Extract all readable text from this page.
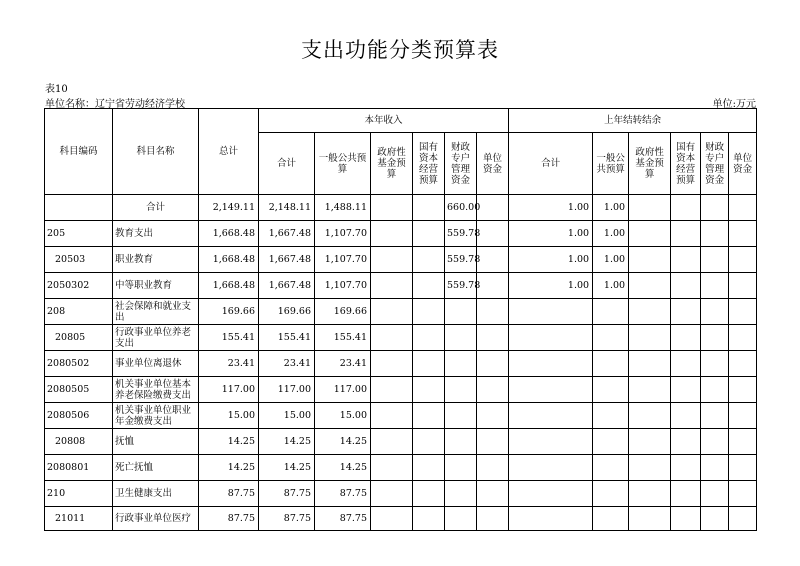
支出功能分类预算表
表10
单位名称：辽宁省劳动经济学校	单位:万元
科目编码	科目名称	总计	本年收入						上年结转结余					
			合计	一般公共预算	政府性基金预算	国有资本经营预算	财政专户管理资金	单位资金	合计	一般公共预算	政府性基金预算	国有资本经营预算	财政专户管理资金	单位资金
	合计	2,149.11	2,148.11	1,488.11			660.00		1.00	1.00				
205	教育支出	1,668.48	1,667.48	1,107.70			559.78		1.00	1.00				
20503	职业教育	1,668.48	1,667.48	1,107.70			559.78		1.00	1.00				
2050302	中等职业教育	1,668.48	1,667.48	1,107.70			559.78		1.00	1.00				
208	社会保障和就业支出	169.66	169.66	169.66										
20805	行政事业单位养老支出	155.41	155.41	155.41										
2080502	事业单位离退休	23.41	23.41	23.41										
2080505	机关事业单位基本养老保险缴费支出	117.00	117.00	117.00										
2080506	机关事业单位职业年金缴费支出	15.00	15.00	15.00										
20808	抚恤	14.25	14.25	14.25										
2080801	死亡抚恤	14.25	14.25	14.25										
210	卫生健康支出	87.75	87.75	87.75										
21011	行政事业单位医疗	87.75	87.75	87.75										
